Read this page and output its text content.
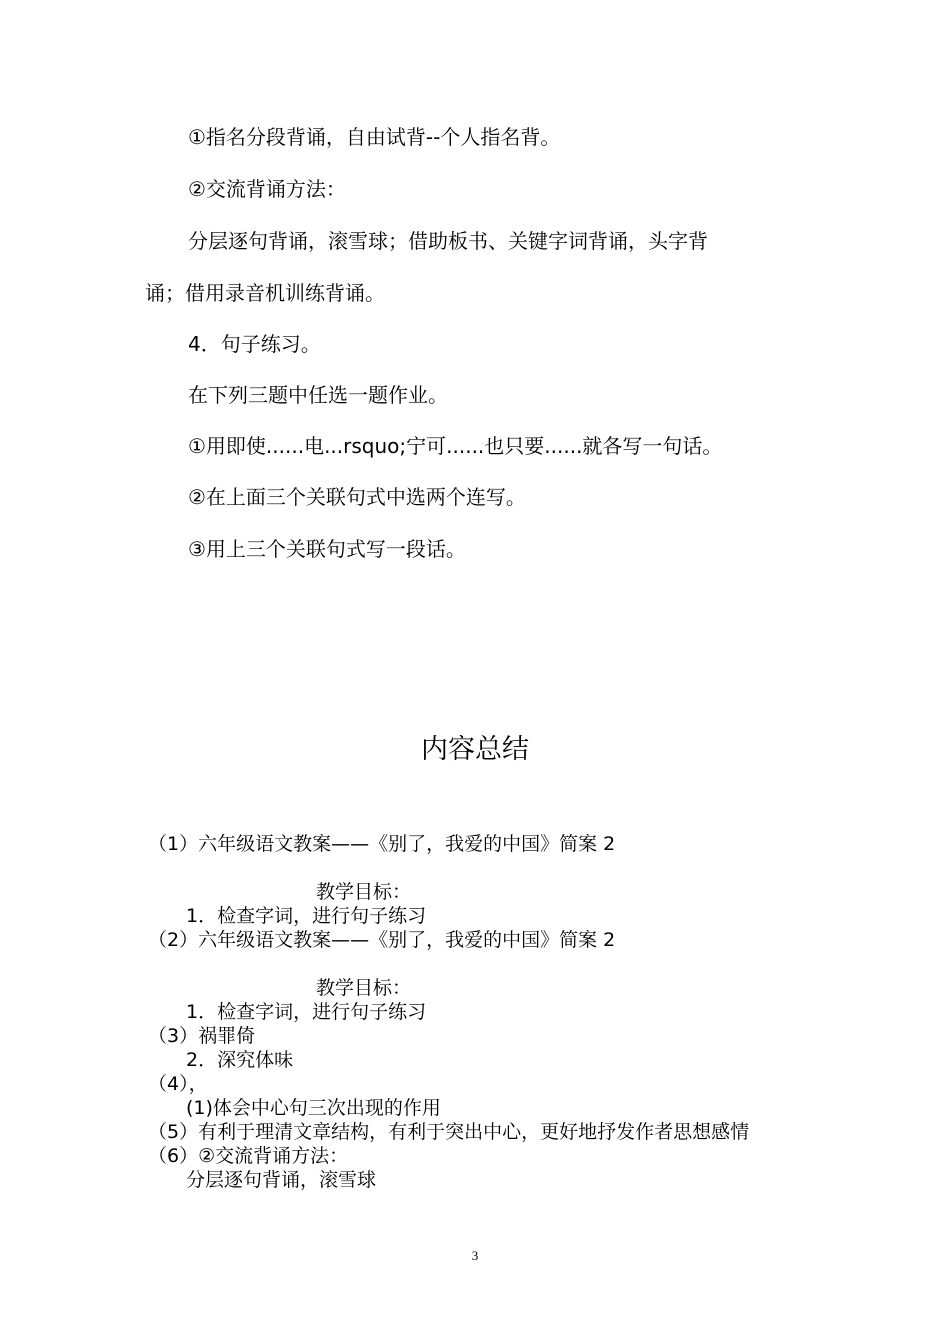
①指名分段背诵，自由试背--个人指名背。
②交流背诵方法：
分层逐句背诵，滚雪球；借助板书、关键字词背诵，头字背
诵；借用录音机训练背诵。
4．句子练习。
在下列三题中任选一题作业。
①用即使......电...rsquo;宁可......也只要......就各写一句话。
②在上面三个关联句式中选两个连写。
③用上三个关联句式写一段话。
内容总结
（1）六年级语文教案——《别了，我爱的中国》简案 2
教学目标：
1．检查字词，进行句子练习
（2）六年级语文教案——《别了，我爱的中国》简案 2
教学目标：
1．检查字词，进行句子练习
（3）祸罪倚
2．深究体味
（4），
(1)体会中心句三次出现的作用
（5）有利于理清文章结构，有利于突出中心，更好地抒发作者思想感情
（6）②交流背诵方法：
分层逐句背诵，滚雪球
3
